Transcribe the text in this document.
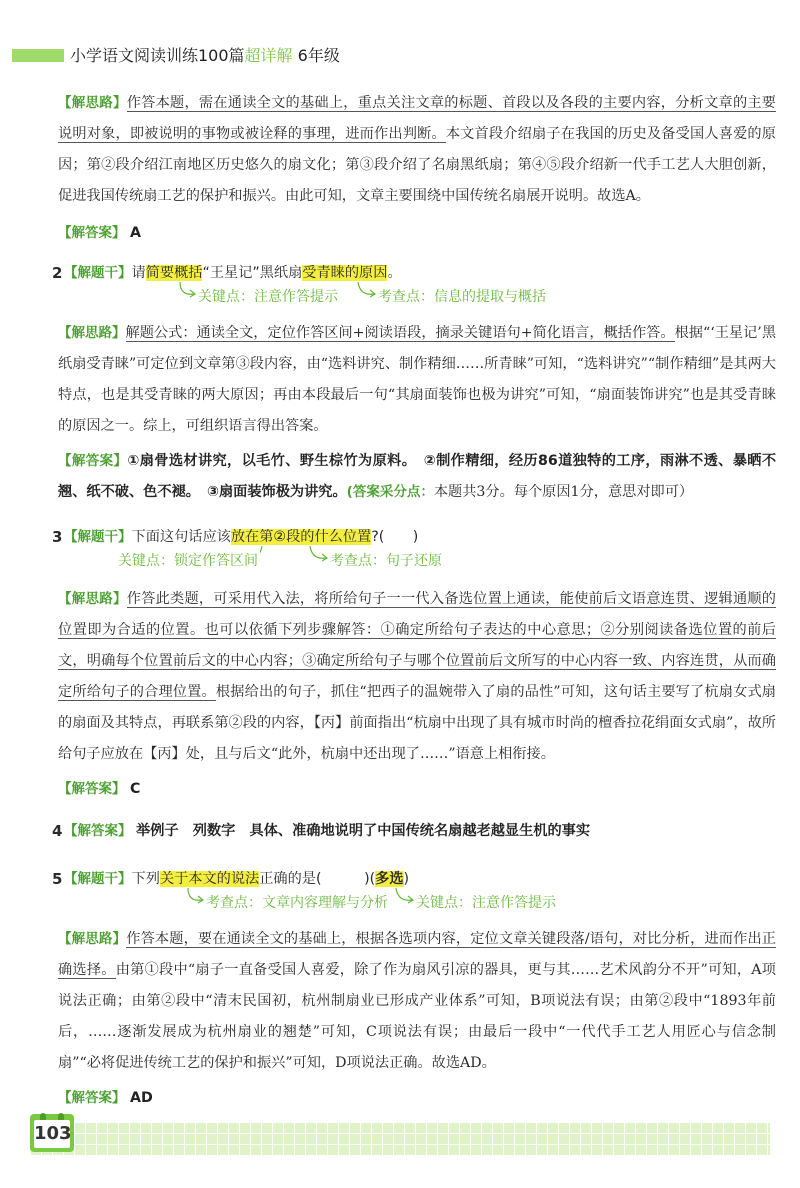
小学语文阅读训练100篇超详解 6年级

【解思路】作答本题，需在通读全文的基础上，重点关注文章的标题、首段以及各段的主要内容，分析文章的主要说明对象，即被说明的事物或被诠释的事理，进而作出判断。本文首段介绍扇子在我国的历史及备受国人喜爱的原因；第②段介绍江南地区历史悠久的扇文化；第③段介绍了名扇黑纸扇；第④⑤段介绍新一代手工艺人大胆创新，促进我国传统扇工艺的保护和振兴。由此可知，文章主要围绕中国传统名扇展开说明。故选A。

【解答案】 A

2 【解题干】请简要概括“王星记”黑纸扇受青睐的原因。

关键点：注意作答提示	考查点：信息的提取与概括

【解思路】解题公式：通读全文，定位作答区间+阅读语段，摘录关键语句+简化语言，概括作答。根据“‘王星记’黑纸扇受青睐”可定位到文章第③段内容，由“选料讲究、制作精细……所青睐”可知，“选料讲究”“制作精细”是其两大特点，也是其受青睐的两大原因；再由本段最后一句“其扇面装饰也极为讲究”可知，“扇面装饰讲究”也是其受青睐的原因之一。综上，可组织语言得出答案。

【解答案】①扇骨选材讲究，以毛竹、野生棕竹为原料。　②制作精细，经历86道独特的工序，雨淋不透、暴晒不翘、纸不破、色不褪。　③扇面装饰极为讲究。(答案采分点：本题共3分。每个原因1分，意思对即可）

3 【解题干】下面这句话应该放在第②段的什么位置?(　　)

关键点：锁定作答区间	考查点：句子还原

【解思路】作答此类题，可采用代入法，将所给句子一一代入备选位置上通读，能使前后文语意连贯、逻辑通顺的位置即为合适的位置。也可以依循下列步骤解答：①确定所给句子表达的中心意思；②分别阅读备选位置的前后文，明确每个位置前后文的中心内容；③确定所给句子与哪个位置前后文所写的中心内容一致、内容连贯，从而确定所给句子的合理位置。根据给出的句子，抓住“把西子的温婉带入了扇的品性”可知，这句话主要写了杭扇女式扇的扇面及其特点，再联系第②段的内容，【丙】前面指出“杭扇中出现了具有城市时尚的檀香拉花绢面女式扇”，故所给句子应放在【丙】处，且与后文“此外，杭扇中还出现了……”语意上相衔接。

【解答案】 C

4 【解答案】 举例子　列数字　具体、准确地说明了中国传统名扇越老越显生机的事实

5 【解题干】下列关于本文的说法正确的是(　　　)(多选)

考查点：文章内容理解与分析 关键点：注意作答提示

【解思路】作答本题，要在通读全文的基础上，根据各选项内容，定位文章关键段落/语句，对比分析，进而作出正确选择。由第①段中“扇子一直备受国人喜爱，除了作为扇风引凉的器具，更与其……艺术风韵分不开”可知，A项说法正确；由第②段中“清末民国初，杭州制扇业已形成产业体系”可知，B项说法有误；由第②段中“1893年前后，……逐渐发展成为杭州扇业的翘楚”可知，C项说法有误；由最后一段中“一代代手工艺人用匠心与信念制扇”“必将促进传统工艺的保护和振兴”可知，D项说法正确。故选AD。

【解答案】 AD

103
